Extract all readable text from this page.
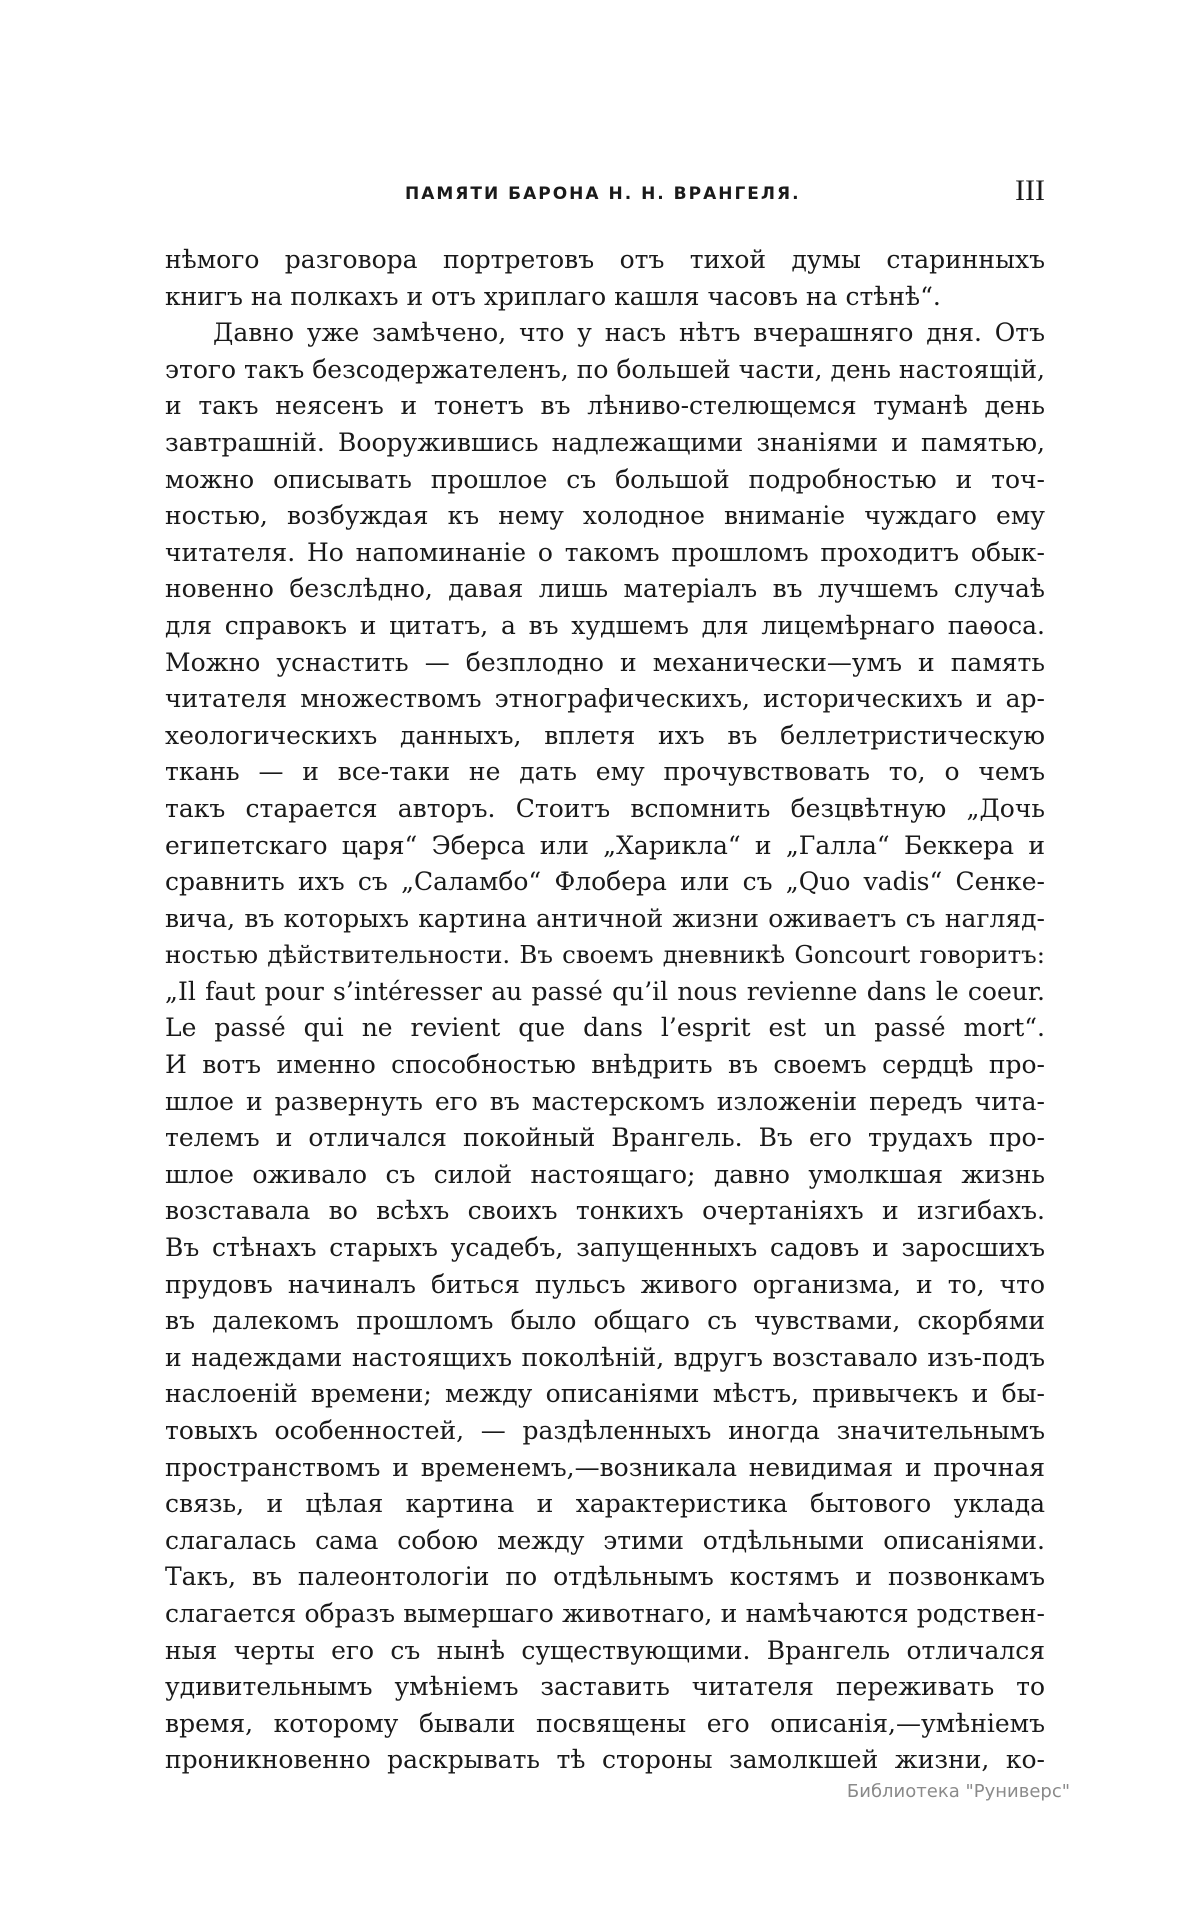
ПАМЯТИ БАРОНА Н. Н. ВРАНГЕЛЯ.	III
нѣмого разговора портретовъ отъ тихой думы старинныхъ
книгъ на полкахъ и отъ хриплаго кашля часовъ на стѣнѣ“.
Давно уже замѣчено, что у насъ нѣтъ вчерашняго дня. Отъ
этого такъ безсодержателенъ, по большей части, день настоящій,
и такъ неясенъ и тонетъ въ лѣниво-стелющемся туманѣ день
завтрашній. Вооружившись надлежащими знаніями и памятью,
можно описывать прошлое съ большой подробностью и точ-
ностью, возбуждая къ нему холодное вниманіе чуждаго ему
читателя. Но напоминаніе о такомъ прошломъ проходитъ обык-
новенно безслѣдно, давая лишь матеріалъ въ лучшемъ случаѣ
для справокъ и цитатъ, а въ худшемъ для лицемѣрнаго паѳоса.
Можно уснастить — безплодно и механически—умъ и память
читателя множествомъ этнографическихъ, историческихъ и ар-
хеологическихъ данныхъ, вплетя ихъ въ беллетристическую
ткань — и все-таки не дать ему прочувствовать то, о чемъ
такъ старается авторъ. Стоитъ вспомнить безцвѣтную „Дочь
египетскаго царя“ Эберса или „Харикла“ и „Галла“ Беккера и
сравнить ихъ съ „Саламбо“ Флобера или съ „Quo vadis“ Сенке-
вича, въ которыхъ картина античной жизни оживаетъ съ нагляд-
ностью дѣйствительности. Въ своемъ дневникѣ Goncourt говоритъ:
„Il faut pour s’intéresser au passé qu’il nous revienne dans le coeur.
Le passé qui ne revient que dans l’esprit est un passé mort“.
И вотъ именно способностью внѣдрить въ своемъ сердцѣ про-
шлое и развернуть его въ мастерскомъ изложеніи передъ чита-
телемъ и отличался покойный Врангель. Въ его трудахъ про-
шлое оживало съ силой настоящаго; давно умолкшая жизнь
возставала во всѣхъ своихъ тонкихъ очертаніяхъ и изгибахъ.
Въ стѣнахъ старыхъ усадебъ, запущенныхъ садовъ и заросшихъ
прудовъ начиналъ биться пульсъ живого организма, и то, что
въ далекомъ прошломъ было общаго съ чувствами, скорбями
и надеждами настоящихъ поколѣній, вдругъ возставало изъ-подъ
наслоеній времени; между описаніями мѣстъ, привычекъ и бы-
товыхъ особенностей, — раздѣленныхъ иногда значительнымъ
пространствомъ и временемъ,—возникала невидимая и прочная
связь, и цѣлая картина и характеристика бытового уклада
слагалась сама собою между этими отдѣльными описаніями.
Такъ, въ палеонтологіи по отдѣльнымъ костямъ и позвонкамъ
слагается образъ вымершаго животнаго, и намѣчаются родствен-
ныя черты его съ нынѣ существующими. Врангель отличался
удивительнымъ умѣніемъ заставить читателя переживать то
время, которому бывали посвящены его описанія,—умѣніемъ
проникновенно раскрывать тѣ стороны замолкшей жизни, ко-
Библиотека "Руниверс"
